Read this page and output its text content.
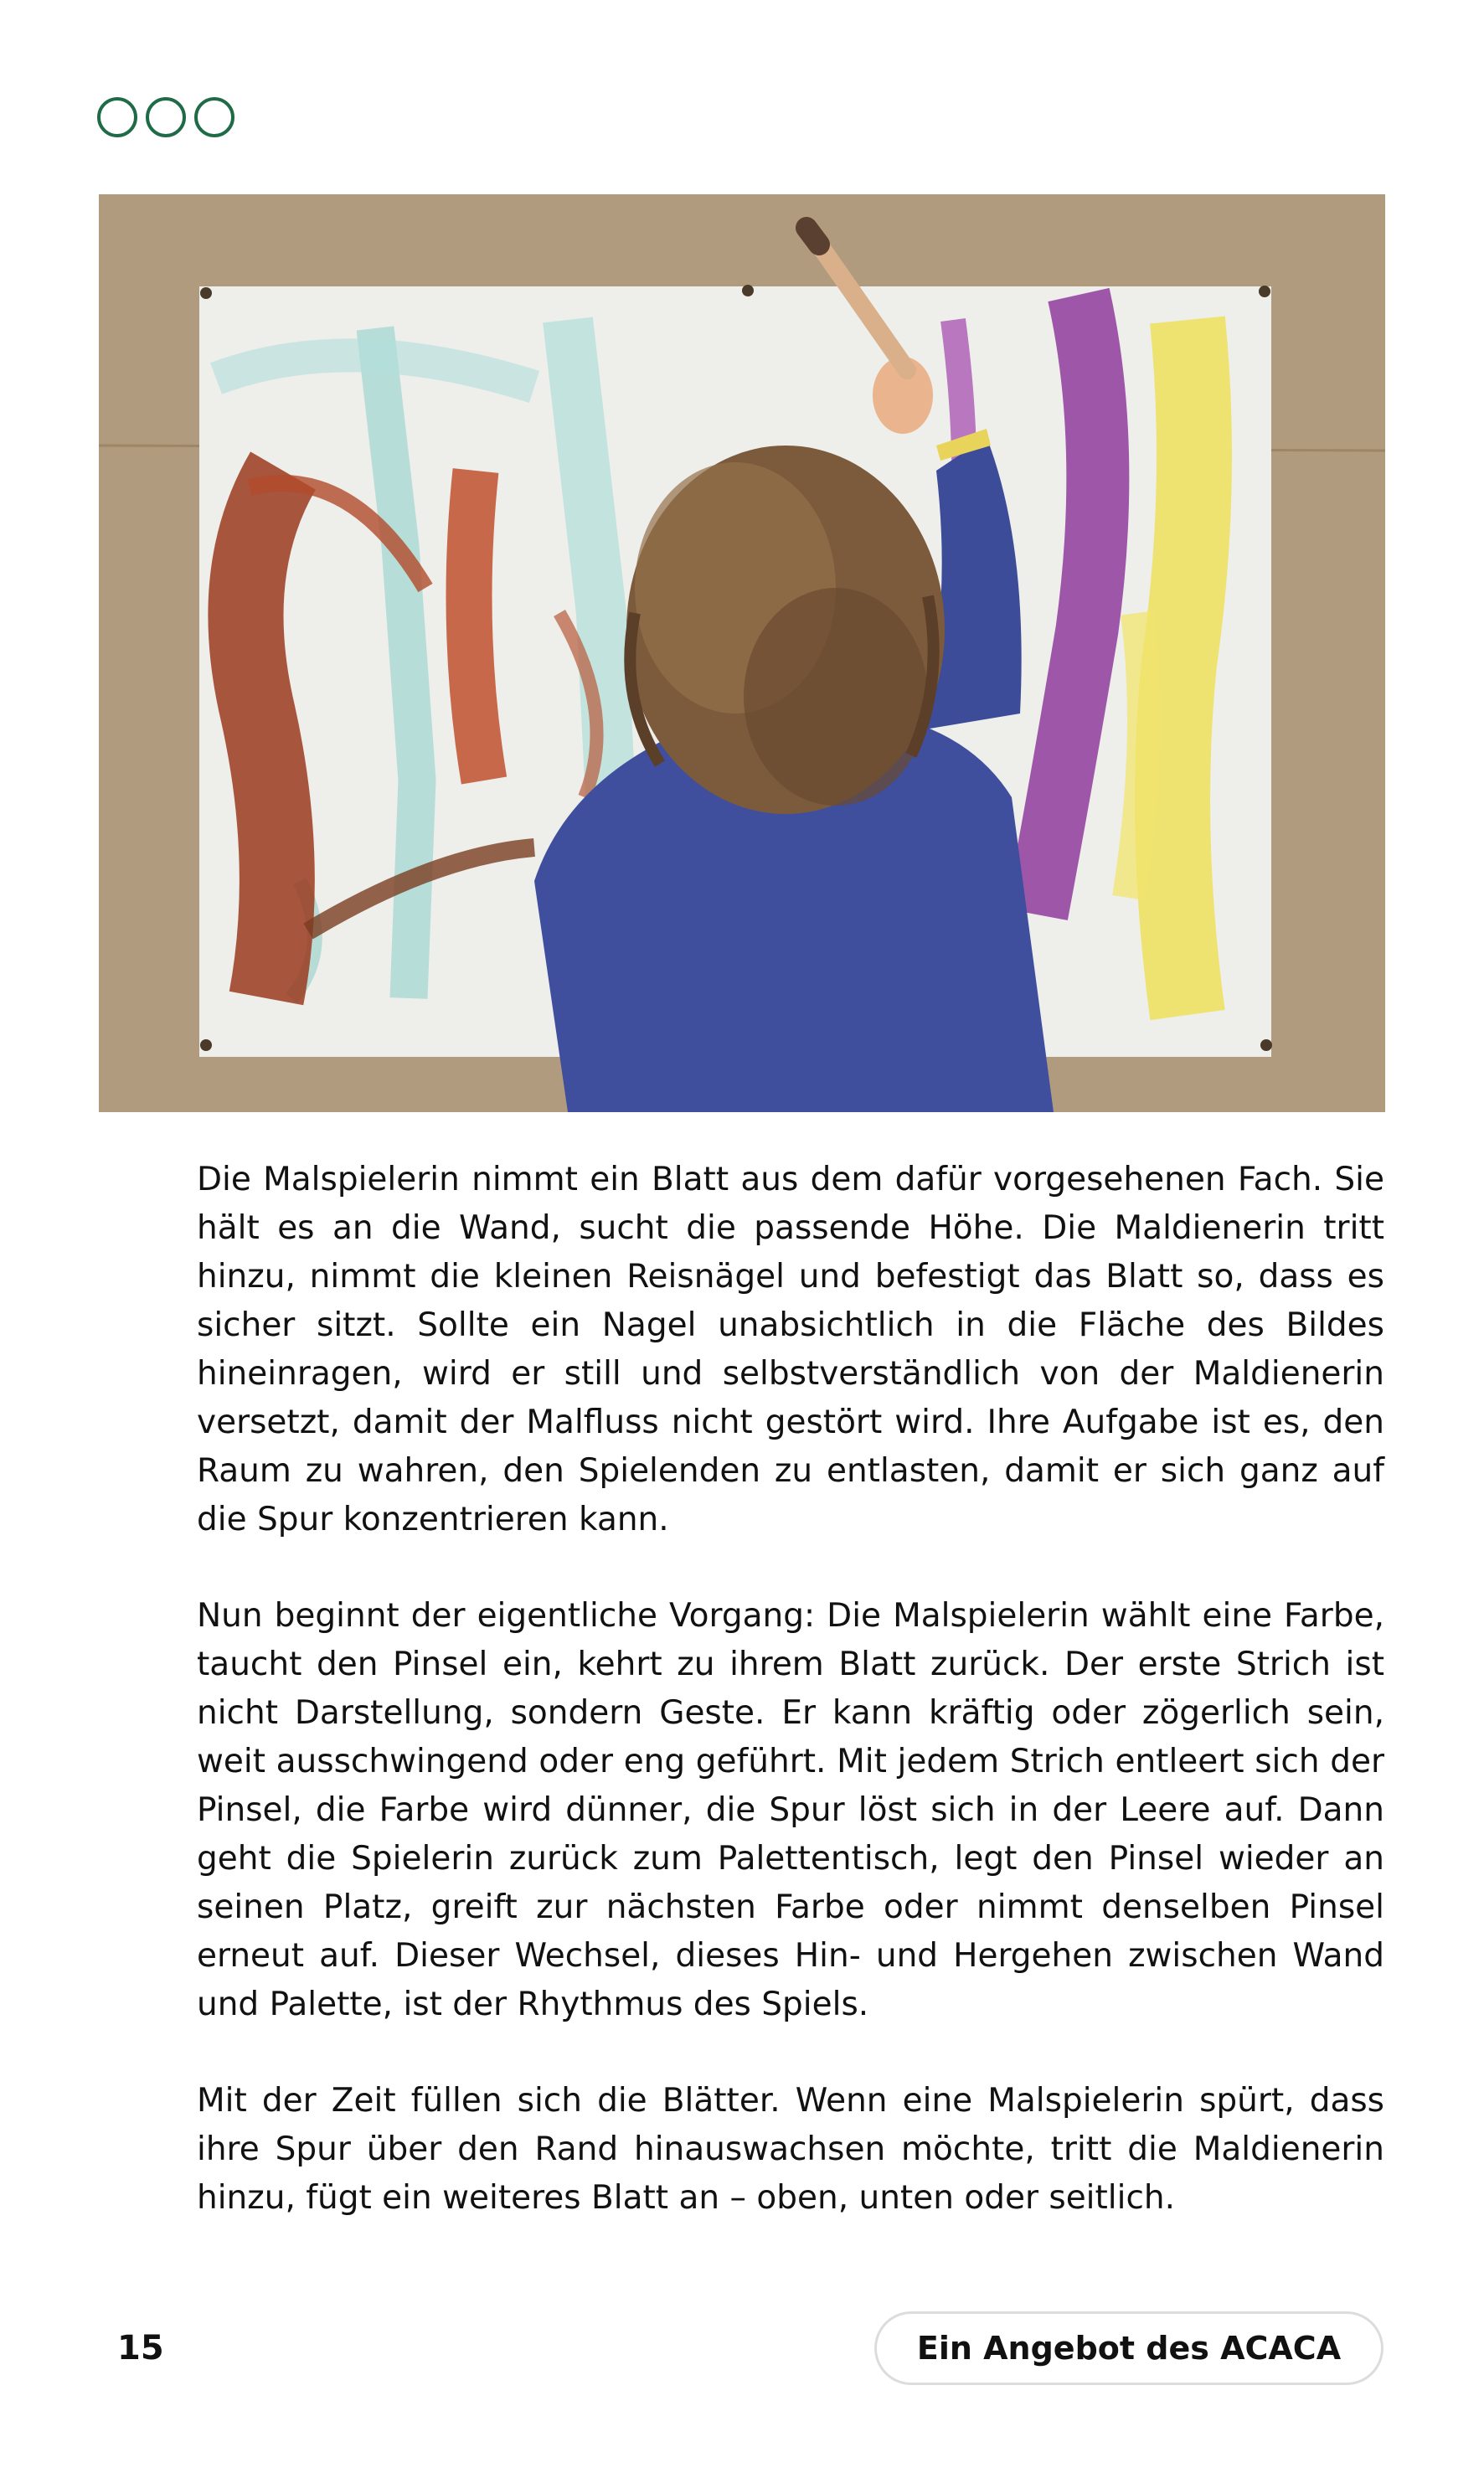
Die Malspielerin nimmt ein Blatt aus dem dafür vorgesehenen Fach. Sie hält es an die Wand, sucht die passende Höhe. Die Maldienerin tritt hinzu, nimmt die kleinen Reisnägel und befestigt das Blatt so, dass es sicher sitzt. Sollte ein Nagel unabsichtlich in die Fläche des Bildes hineinragen, wird er still und selbstverständlich von der Maldienerin versetzt, damit der Malfluss nicht gestört wird. Ihre Aufgabe ist es, den Raum zu wahren, den Spielenden zu entlasten, damit er sich ganz auf die Spur konzentrieren kann.

Nun beginnt der eigentliche Vorgang: Die Malspielerin wählt eine Farbe, taucht den Pinsel ein, kehrt zu ihrem Blatt zurück. Der erste Strich ist nicht Darstellung, sondern Geste. Er kann kräftig oder zögerlich sein, weit ausschwingend oder eng geführt. Mit jedem Strich entleert sich der Pinsel, die Farbe wird dünner, die Spur löst sich in der Leere auf. Dann geht die Spielerin zurück zum Palettentisch, legt den Pinsel wieder an seinen Platz, greift zur nächsten Farbe oder nimmt denselben Pinsel erneut auf. Dieser Wechsel, dieses Hin- und Hergehen zwischen Wand und Palette, ist der Rhythmus des Spiels.

Mit der Zeit füllen sich die Blätter. Wenn eine Malspielerin spürt, dass ihre Spur über den Rand hinauswachsen möchte, tritt die Maldienerin hinzu, fügt ein weiteres Blatt an – oben, unten oder seitlich.

15	Ein Angebot des ACACA
